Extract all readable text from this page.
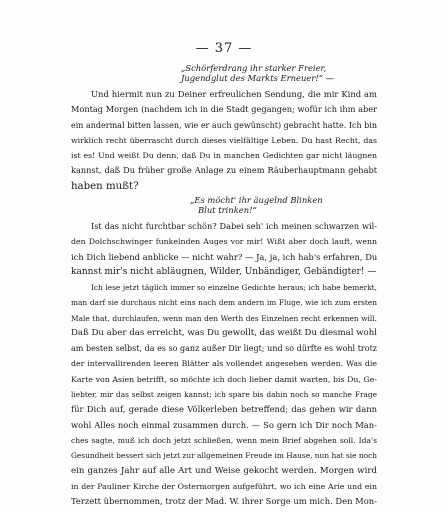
— 37 —
„Schörferdrang ihr starker Freier,
Jugendglut des Markts Erneuer!“ —
Und hiermit nun zu Deiner erfreulichen Sendung, die mir Kind am
Montag Morgen (nachdem ich in die Stadt gegangen; wofür ich ihm aber
ein andermal bitten lassen, wie er auch gewünscht) gebracht hatte. Ich bin
wirklich recht überrascht durch dieses vielfältige Leben. Du hast Recht, das
ist es! Und weißt Du denn, daß Du in manchen Gedichten gar nicht läugnen
kannst, daß Du früher große Anlage zu einem Räuberhauptmann gehabt
haben mußt?
„Es möcht' ihr äugelnd Blinken
Blut trinken!“
Ist das nicht furchtbar schön? Dabei seh' ich meinen schwarzen wil-
den Dolchschwinger funkelnden Auges vor mir! Wißt aber doch lauft, wenn
ich Dich liebend anblicke — nicht wahr? — Ja, ja, ich hab's erfahren, Du
kannst mir's nicht abläugnen, Wilder, Unbändiger, Gebändigter! —
Ich lese jetzt täglich immer so einzelne Gedichte heraus; ich habe bemerkt,
man darf sie durchaus nicht eins nach dem andern im Fluge, wie ich zum ersten
Male that, durchlaufen, wenn man den Werth des Einzelnen recht erkennen will.
Daß Du aber das erreicht, was Du gewollt, das weißt Du diesmal wohl
am besten selbst, da es so ganz außer Dir liegt; und so dürfte es wohl trotz
der intervallirenden leeren Blätter als vollendet angesehen werden. Was die
Karte von Asien betrifft, so möchte ich doch lieber damit warten, bis Du, Ge-
liebter, mir das selbst zeigen kannst; ich spare bis dahin noch so manche Frage
für Dich auf, gerade diese Völkerleben betreffend; das gehen wir dann
wohl Alles noch einmal zusammen durch. — So gern ich Dir noch Man-
ches sagte, muß ich doch jetzt schließen, wenn mein Brief abgehen soll. Ida's
Gesundheit bessert sich jetzt zur allgemeinen Freude im Hause, nun hat sie noch
ein ganzes Jahr auf alle Art und Weise gekocht werden. Morgen wird
in der Pauliner Kirche der Ostermorgen aufgeführt, wo ich eine Arie und ein
Terzett übernommen, trotz der Mad. W. ihrer Sorge um mich. Den Mon-
